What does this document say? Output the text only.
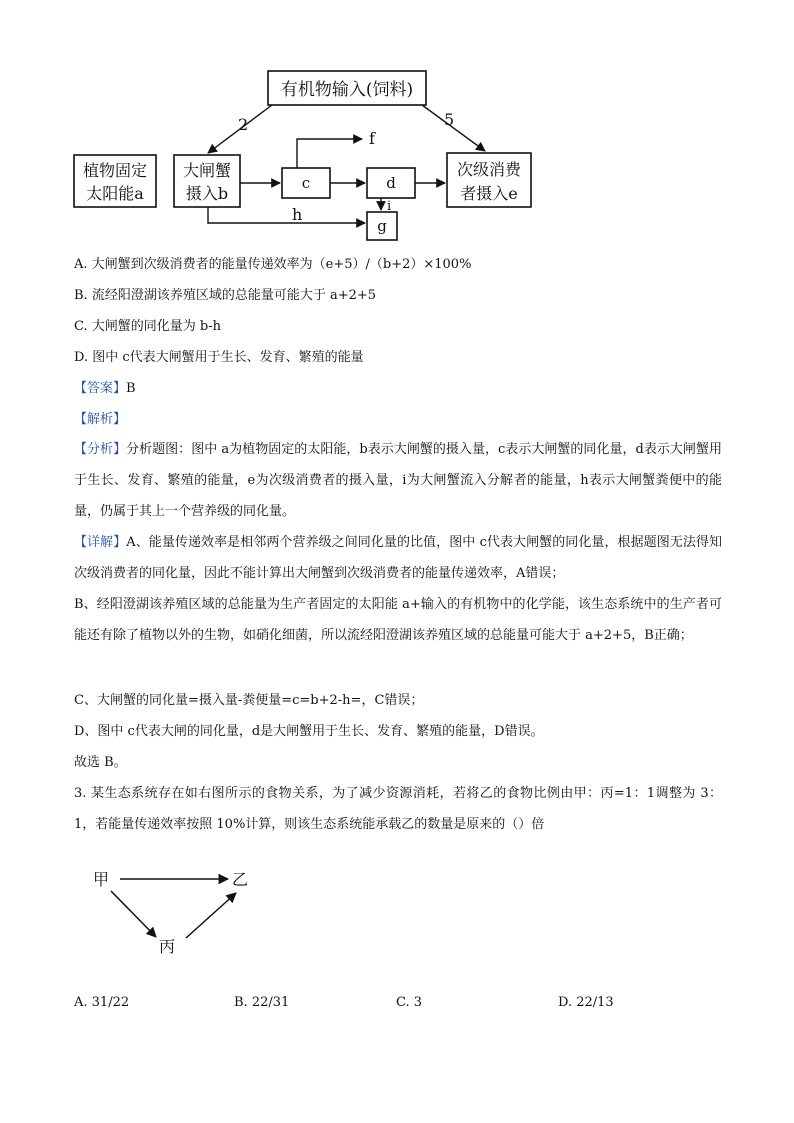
有机物输入(饲料)
植物固定
太阳能a
大闸蟹
摄入b
次级消费
者摄入e
c	d
g
f
h	i
2	5
A. 大闸蟹到次级消费者的能量传递效率为（e+5）/（b+2）×100%
B. 流经阳澄湖该养殖区域的总能量可能大于 a+2+5
C. 大闸蟹的同化量为 b-h
D. 图中 c代表大闸蟹用于生长、发育、繁殖的能量
【答案】B
【解析】
【分析】分析题图：图中 a为植物固定的太阳能，b表示大闸蟹的摄入量，c表示大闸蟹的同化量，d表示大闸蟹用于生长、发育、繁殖的能量，e为次级消费者的摄入量，i为大闸蟹流入分解者的能量，h表示大闸蟹粪便中的能量，仍属于其上一个营养级的同化量。
【详解】A、能量传递效率是相邻两个营养级之间同化量的比值，图中 c代表大闸蟹的同化量，根据题图无法得知次级消费者的同化量，因此不能计算出大闸蟹到次级消费者的能量传递效率，A错误；
B、经阳澄湖该养殖区域的总能量为生产者固定的太阳能 a+输入的有机物中的化学能，该生态系统中的生产者可能还有除了植物以外的生物，如硝化细菌，所以流经阳澄湖该养殖区域的总能量可能大于 a+2+5，B正确；
C、大闸蟹的同化量=摄入量-粪便量=c=b+2-h=，C错误；
D、图中 c代表大闸的同化量，d是大闸蟹用于生长、发育、繁殖的能量，D错误。
故选 B。
3. 某生态系统存在如右图所示的食物关系，为了减少资源消耗，若将乙的食物比例由甲：丙=1：1调整为 3：1，若能量传递效率按照 10%计算，则该生态系统能承载乙的数量是原来的（）倍
甲	乙
丙
A. 31/22	B. 22/31	C. 3	D. 22/13
